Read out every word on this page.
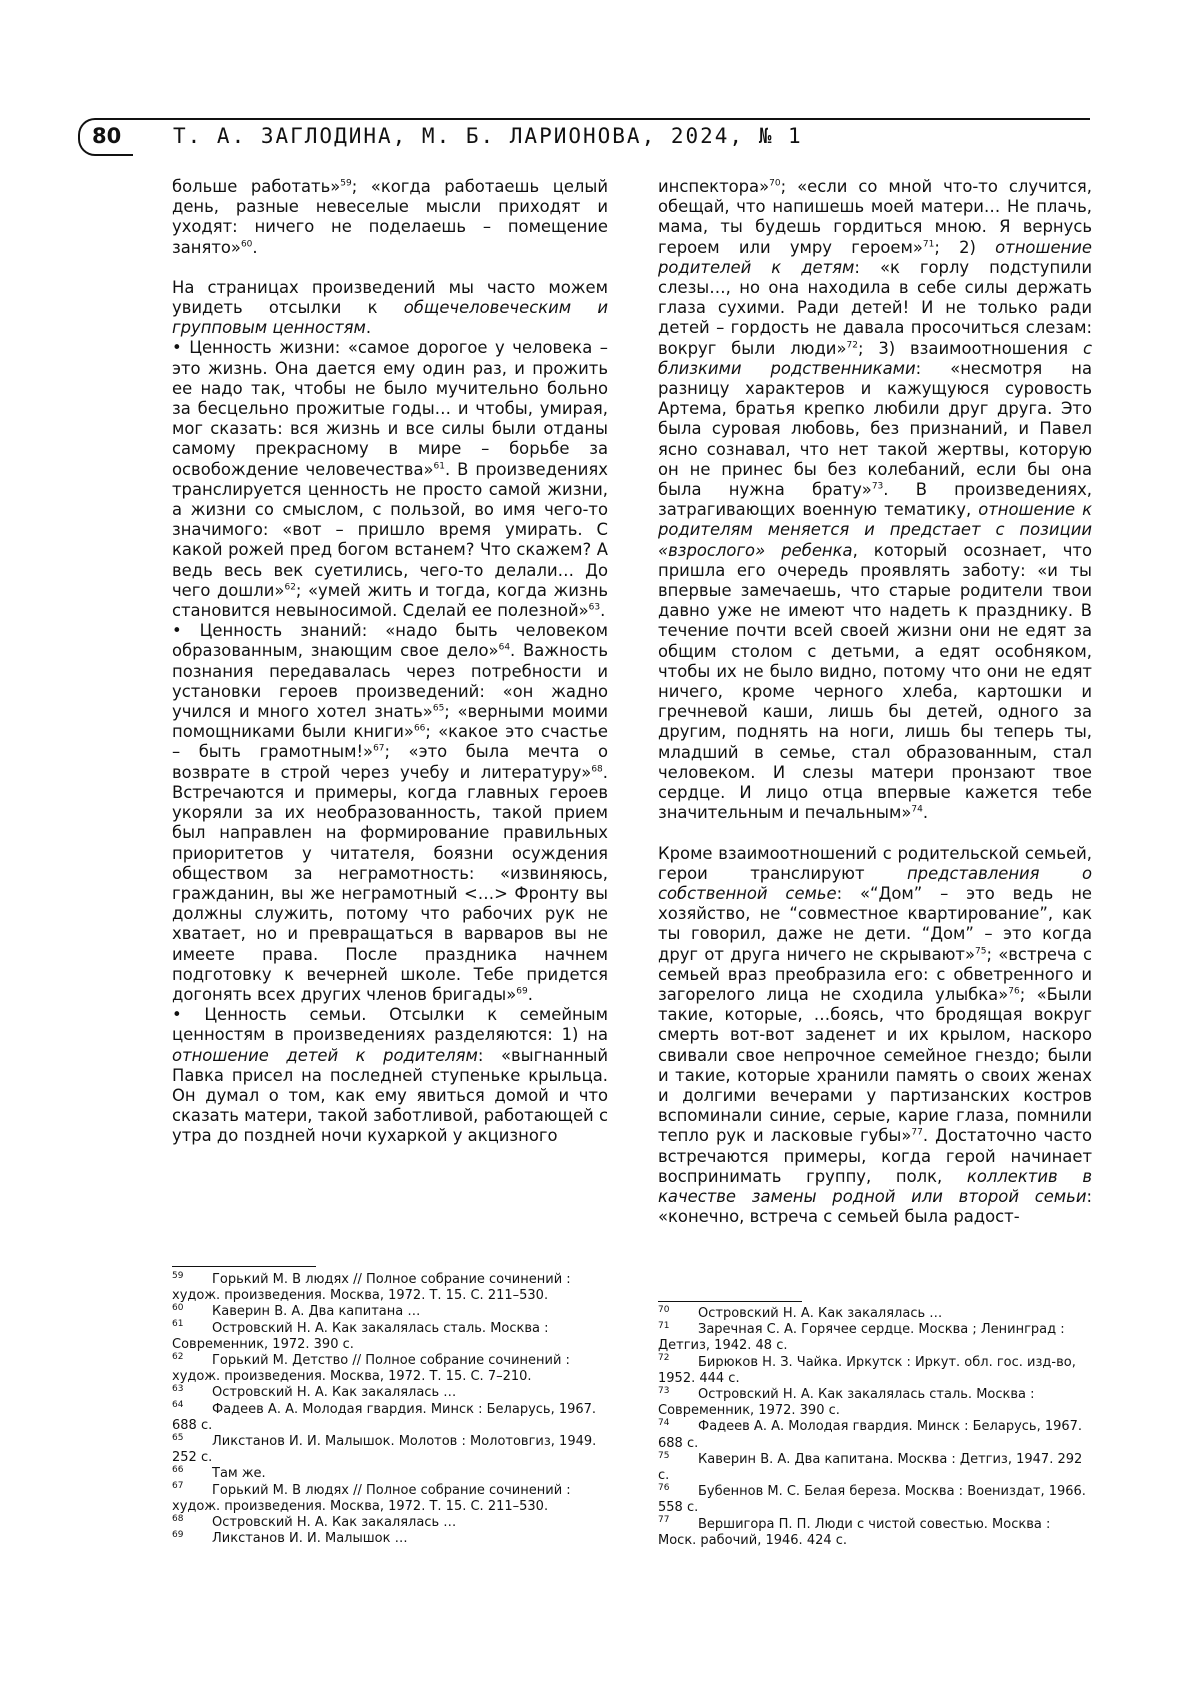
80 Т. А. ЗАГЛОДИНА, М. Б. ЛАРИОНОВА, 2024, № 1

больше работать»$^{59}$; «когда работаешь целый день, разные невеселые мысли приходят и уходят: ничего не поделаешь – помещение занято»$^{60}$.

На страницах произведений мы часто можем увидеть отсылки к общечеловеческим и групповым ценностям.

• Ценность жизни: «самое дорогое у человека – это жизнь. Она дается ему один раз, и прожить ее надо так, чтобы не было мучительно больно за бесцельно прожитые годы… и чтобы, умирая, мог сказать: вся жизнь и все силы были отданы самому прекрасному в мире – борьбе за освобождение человечества»$^{61}$. В произведениях транслируется ценность не просто самой жизни, а жизни со смыслом, с пользой, во имя чего-то значимого: «вот – пришло время умирать. С какой рожей пред богом встанем? Что скажем? А ведь весь век суетились, чего-то делали… До чего дошли»$^{62}$; «умей жить и тогда, когда жизнь становится невыносимой. Сделай ее полезной»$^{63}$.

• Ценность знаний: «надо быть человеком образованным, знающим свое дело»$^{64}$. Важность познания передавалась через потребности и установки героев произведений: «он жадно учился и много хотел знать»$^{65}$; «верными моими помощниками были книги»$^{66}$; «какое это счастье – быть грамотным!»$^{67}$; «это была мечта о возврате в строй через учебу и литературу»$^{68}$. Встречаются и примеры, когда главных героев укоряли за их необразованность, такой прием был направлен на формирование правильных приоритетов у читателя, боязни осуждения обществом за неграмотность: «извиняюсь, гражданин, вы же неграмотный <…> Фронту вы должны служить, потому что рабочих рук не хватает, но и превращаться в варваров вы не имеете права. После праздника начнем подготовку к вечерней школе. Тебе придется догонять всех других членов бригады»$^{69}$.

• Ценность семьи. Отсылки к семейным ценностям в произведениях разделяются: 1) на отношение детей к родителям: «выгнанный Павка присел на последней ступеньке крыльца. Он думал о том, как ему явиться домой и что сказать матери, такой заботливой, работающей с утра до поздней ночи кухаркой у акцизного

инспектора»$^{70}$; «если со мной что-то случится, обещай, что напишешь моей матери… Не плачь, мама, ты будешь гордиться мною. Я вернусь героем или умру героем»$^{71}$; 2) отношение родителей к детям: «к горлу подступили слезы…, но она находила в себе силы держать глаза сухими. Ради детей! И не только ради детей – гордость не давала просочиться слезам: вокруг были люди»$^{72}$; 3) взаимоотношения с близкими родственниками: «несмотря на разницу характеров и кажущуюся суровость Артема, братья крепко любили друг друга. Это была суровая любовь, без признаний, и Павел ясно сознавал, что нет такой жертвы, которую он не принес бы без колебаний, если бы она была нужна брату»$^{73}$. В произведениях, затрагивающих военную тематику, отношение к родителям меняется и предстает с позиции «взрослого» ребенка, который осознает, что пришла его очередь проявлять заботу: «и ты впервые замечаешь, что старые родители твои давно уже не имеют что надеть к празднику. В течение почти всей своей жизни они не едят за общим столом с детьми, а едят особняком, чтобы их не было видно, потому что они не едят ничего, кроме черного хлеба, картошки и гречневой каши, лишь бы детей, одного за другим, поднять на ноги, лишь бы теперь ты, младший в семье, стал образованным, стал человеком. И слезы матери пронзают твое сердце. И лицо отца впервые кажется тебе значительным и печальным»$^{74}$.

Кроме взаимоотношений с родительской семьей, герои транслируют представления о собственной семье: «“Дом” – это ведь не хозяйство, не “совместное квартирование”, как ты говорил, даже не дети. “Дом” – это когда друг от друга ничего не скрывают»$^{75}$; «встреча с семьей враз преобразила его: с обветренного и загорелого лица не сходила улыбка»$^{76}$; «Были такие, которые, …боясь, что бродящая вокруг смерть вот-вот заденет и их крылом, наскоро свивали свое непрочное семейное гнездо; были и такие, которые хранили память о своих женах и долгими вечерами у партизанских костров вспоминали синие, серые, карие глаза, помнили тепло рук и ласковые губы»$^{77}$. Достаточно часто встречаются примеры, когда герой начинает воспринимать группу, полк, коллектив в качестве замены родной или второй семьи: «конечно, встреча с семьей была радост-

59 Горький М. В людях // Полное собрание сочинений : худож. произведения. Москва, 1972. Т. 15. С. 211–530.

60 Каверин В. А. Два капитана …

61 Островский Н. А. Как закалялась сталь. Москва : Современник, 1972. 390 с.

62 Горький М. Детство // Полное собрание сочинений : худож. произведения. Москва, 1972. Т. 15. С. 7–210.

63 Островский Н. А. Как закалялась …

64 Фадеев А. А. Молодая гвардия. Минск : Беларусь, 1967. 688 с.

65 Ликстанов И. И. Малышок. Молотов : Молотовгиз, 1949. 252 с.

66 Там же.

67 Горький М. В людях // Полное собрание сочинений : худож. произведения. Москва, 1972. Т. 15. С. 211–530.

68 Островский Н. А. Как закалялась …

69 Ликстанов И. И. Малышок …

70 Островский Н. А. Как закалялась …

71 Заречная С. А. Горячее сердце. Москва ; Ленинград : Детгиз, 1942. 48 с.

72 Бирюков Н. З. Чайка. Иркутск : Иркут. обл. гос. изд-во, 1952. 444 с.

73 Островский Н. А. Как закалялась сталь. Москва : Современник, 1972. 390 с.

74 Фадеев А. А. Молодая гвардия. Минск : Беларусь, 1967. 688 с.

75 Каверин В. А. Два капитана. Москва : Детгиз, 1947. 292 с.

76 Бубеннов М. С. Белая береза. Москва : Воениздат, 1966. 558 с.

77 Вершигора П. П. Люди с чистой совестью. Москва : Моск. рабочий, 1946. 424 с.
